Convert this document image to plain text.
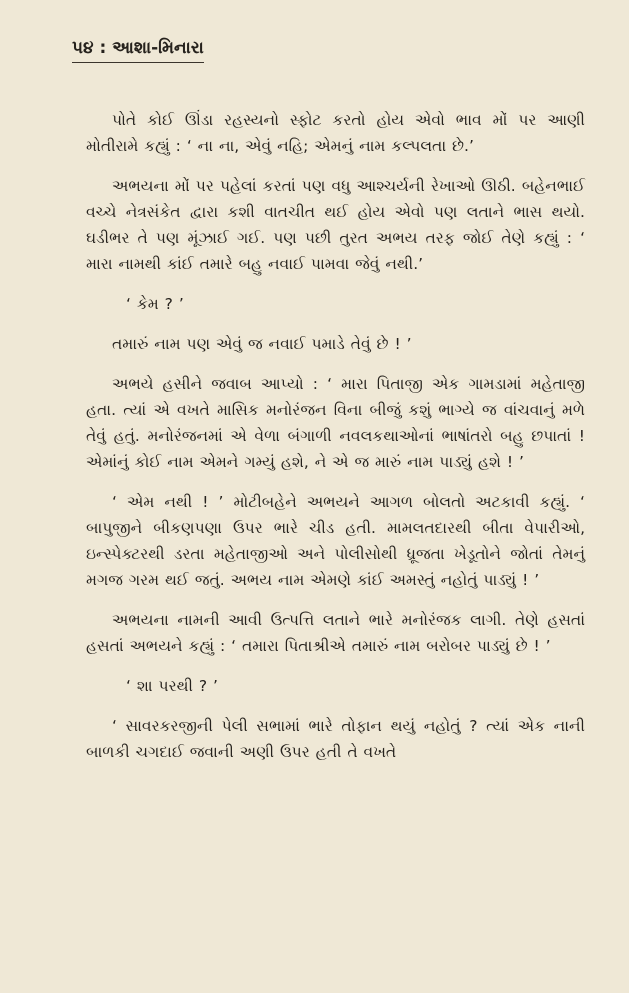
પ૪ : આશા-મિનારા

પોતે કોઈ ઊંડા રહસ્યનો સ્ફોટ કરતો હોય એવો ભાવ મોં પર આણી મોતીરામે કહ્યું : ‘ ના ના, એવું નહિ; એમનું નામ કલ્પલતા છે.’

અભયના મોં પર પહેલાં કરતાં પણ વધુ આશ્ચર્યની રેખાઓ ઊઠી. બહેનભાઈ વચ્ચે નેત્રસંકેત દ્વારા કશી વાતચીત થઈ હોય એવો પણ લતાને ભાસ થયો. ઘડીભર તે પણ મૂંઝાઈ ગઈ. પણ પછી તુરત અભય તરફ જોઈ તેણે કહ્યું : ‘ મારા નામથી કાંઈ તમારે બહુ નવાઈ પામવા જેવું નથી.’

‘ કેમ ? ’

તમારું નામ પણ એવું જ નવાઈ પમાડે તેવું છે ! ’

અભયે હસીને જવાબ આપ્યો : ‘ મારા પિતાજી એક ગામડામાં મહેતાજી હતા. ત્યાં એ વખતે માસિક મનોરંજન વિના બીજું કશું ભાગ્યે જ વાંચવાનું મળે તેવું હતું. મનોરંજનમાં એ વેળા બંગાળી નવલકથાઓનાં ભાષાંતરો બહુ છપાતાં ! એમાંનું કોઈ નામ એમને ગમ્યું હશે, ને એ જ મારું નામ પાડ્યું હશે ! ’

‘ એમ નથી ! ’ મોટીબહેને અભયને આગળ બોલતો અટકાવી કહ્યું. ‘ બાપુજીને બીકણપણા ઉપર ભારે ચીડ હતી. મામલતદારથી બીતા વેપારીઓ, ઇન્સ્પેક્ટરથી ડરતા મહેતાજીઓ અને પોલીસોથી ધ્રૂજતા ખેડૂતોને જોતાં તેમનું મગજ ગરમ થઈ જતું. અભય નામ એમણે કાંઈ અમસ્તું નહોતું પાડ્યું ! ’

અભયના નામની આવી ઉત્પત્તિ લતાને ભારે મનોરંજક લાગી. તેણે હસતાં હસતાં અભયને કહ્યું : ‘ તમારા પિતાશ્રીએ તમારું નામ બરોબર પાડ્યું છે ! ’

‘ શા પરથી ? ’

‘ સાવરકરજીની પેલી સભામાં ભારે તોફાન થયું નહોતું ? ત્યાં એક નાની બાળકી ચગદાઈ જવાની અણી ઉપર હતી તે વખતે
